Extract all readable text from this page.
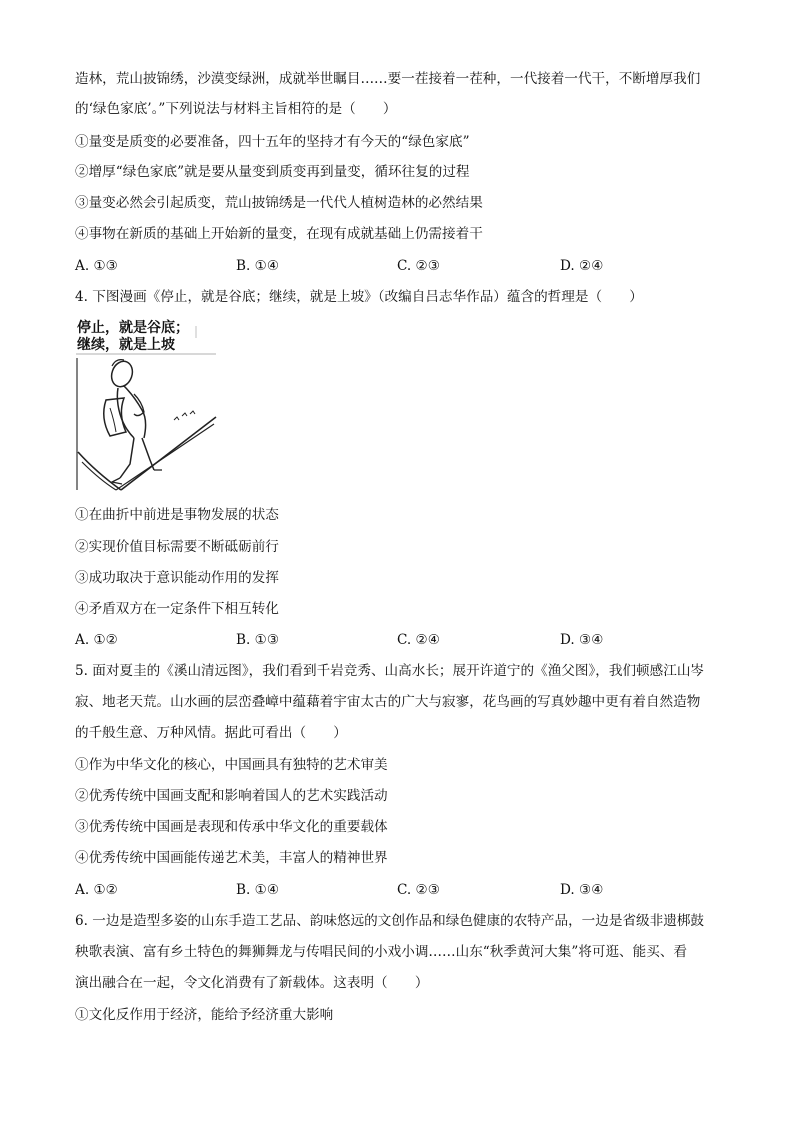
造林，荒山披锦绣，沙漠变绿洲，成就举世瞩目……要一茬接着一茬种，一代接着一代干，不断增厚我们
的‘绿色家底’。”下列说法与材料主旨相符的是（　　）
①量变是质变的必要准备，四十五年的坚持才有今天的“绿色家底”
②增厚“绿色家底”就是要从量变到质变再到量变，循环往复的过程
③量变必然会引起质变，荒山披锦绣是一代代人植树造林的必然结果
④事物在新质的基础上开始新的量变，在现有成就基础上仍需接着干
A. ①③	B. ①④	C. ②③	D. ②④
4. 下图漫画《停止，就是谷底；继续，就是上坡》（改编自吕志华作品）蕴含的哲理是（　　）
停止，就是谷底；
继续，就是上坡
①在曲折中前进是事物发展的状态
②实现价值目标需要不断砥砺前行
③成功取决于意识能动作用的发挥
④矛盾双方在一定条件下相互转化
A. ①②	B. ①③	C. ②④	D. ③④
5. 面对夏圭的《溪山清远图》，我们看到千岩竞秀、山高水长；展开许道宁的《渔父图》，我们顿感江山岑
寂、地老天荒。山水画的层峦叠嶂中蕴藉着宇宙太古的广大与寂寥，花鸟画的写真妙趣中更有着自然造物
的千般生意、万种风情。据此可看出（　　）
①作为中华文化的核心，中国画具有独特的艺术审美
②优秀传统中国画支配和影响着国人的艺术实践活动
③优秀传统中国画是表现和传承中华文化的重要载体
④优秀传统中国画能传递艺术美，丰富人的精神世界
A. ①②	B. ①④	C. ②③	D. ③④
6. 一边是造型多姿的山东手造工艺品、韵味悠远的文创作品和绿色健康的农特产品，一边是省级非遗梆鼓
秧歌表演、富有乡土特色的舞狮舞龙与传唱民间的小戏小调……山东“秋季黄河大集”将可逛、能买、看
演出融合在一起，令文化消费有了新载体。这表明（　　）
①文化反作用于经济，能给予经济重大影响
